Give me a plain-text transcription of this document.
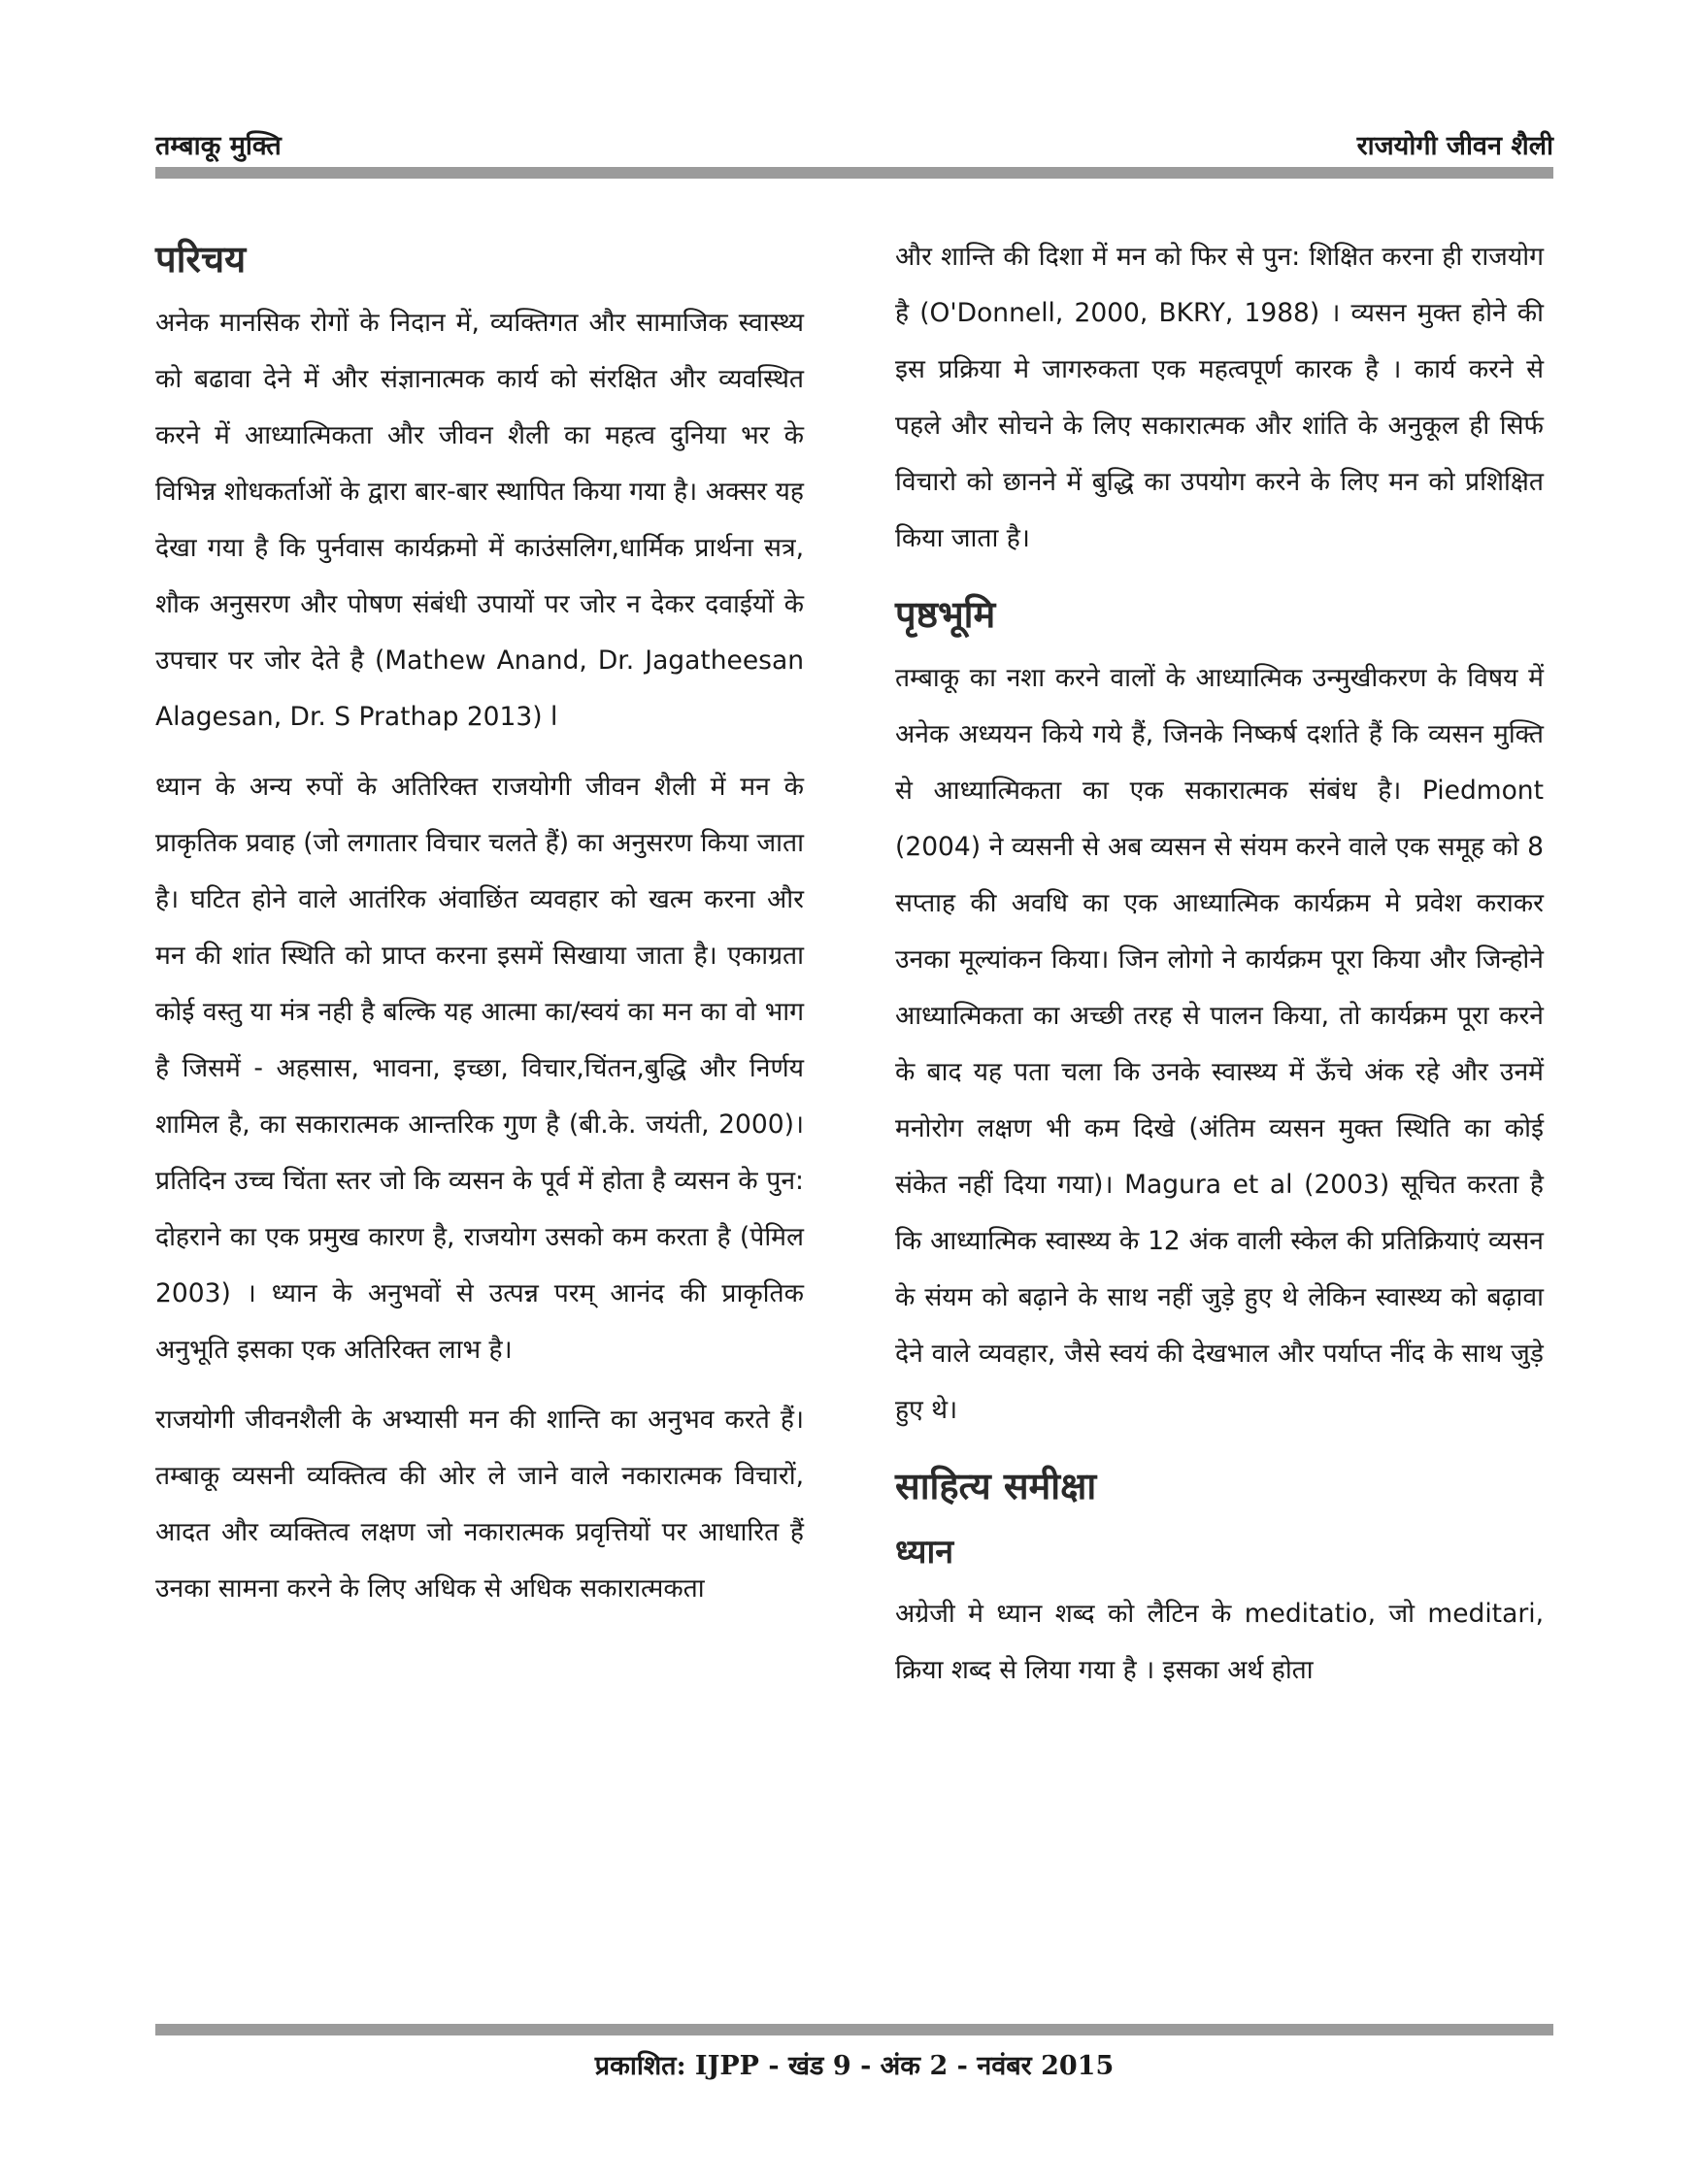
तम्बाकू मुक्ति	राजयोगी जीवन शैली
परिचय

अनेक मानसिक रोगों के निदान में, व्यक्तिगत और सामाजिक स्वास्थ्य को बढावा देने में और संज्ञानात्मक कार्य को संरक्षित और व्यवस्थित करने में आध्यात्मिकता और जीवन शैली का महत्व दुनिया भर के विभिन्न शोधकर्ताओं के द्वारा बार-बार स्थापित किया गया है। अक्सर यह देखा गया है कि पुर्नवास कार्यक्रमो में काउंसलिग,धार्मिक प्रार्थना सत्र, शौक अनुसरण और पोषण संबंधी उपायों पर जोर न देकर दवाईयों के उपचार पर जोर देते है (Mathew Anand, Dr. Jagatheesan Alagesan, Dr. S Prathap 2013) l

ध्यान के अन्य रुपों के अतिरिक्त राजयोगी जीवन शैली में मन के प्राकृतिक प्रवाह (जो लगातार विचार चलते हैं) का अनुसरण किया जाता है। घटित होने वाले आतंरिक अंवाछिंत व्यवहार को खत्म करना और मन की शांत स्थिति को प्राप्त करना इसमें सिखाया जाता है। एकाग्रता कोई वस्तु या मंत्र नही है बल्कि यह आत्मा का/स्वयं का मन का वो भाग है जिसमें - अहसास, भावना, इच्छा, विचार,चिंतन,बुद्धि और निर्णय शामिल है, का सकारात्मक आन्तरिक गुण है (बी.के. जयंती, 2000)। प्रतिदिन उच्च चिंता स्तर जो कि व्यसन के पूर्व में होता है व्यसन के पुन: दोहराने का एक प्रमुख कारण है, राजयोग उसको कम करता है (पेमिल 2003) । ध्यान के अनुभवों से उत्पन्न परम् आनंद की प्राकृतिक अनुभूति इसका एक अतिरिक्त लाभ है।

राजयोगी जीवनशैली के अभ्यासी मन की शान्ति का अनुभव करते हैं। तम्बाकू व्यसनी व्यक्तित्व की ओर ले जाने वाले नकारात्मक विचारों, आदत और व्यक्तित्व लक्षण जो नकारात्मक प्रवृत्तियों पर आधारित हैं उनका सामना करने के लिए अधिक से अधिक सकारात्मकता

और शान्ति की दिशा में मन को फिर से पुन: शिक्षित करना ही राजयोग है (O'Donnell, 2000, BKRY, 1988) । व्यसन मुक्त होने की इस प्रक्रिया मे जागरुकता एक महत्वपूर्ण कारक है । कार्य करने से पहले और सोचने के लिए सकारात्मक और शांति के अनुकूल ही सिर्फ विचारो को छानने में बुद्धि का उपयोग करने के लिए मन को प्रशिक्षित किया जाता है।

पृष्ठभूमि

तम्बाकू का नशा करने वालों के आध्यात्मिक उन्मुखीकरण के विषय में अनेक अध्ययन किये गये हैं, जिनके निष्कर्ष दर्शाते हैं कि व्यसन मुक्ति से आध्यात्मिकता का एक सकारात्मक संबंध है। Piedmont (2004) ने व्यसनी से अब व्यसन से संयम करने वाले एक समूह को 8 सप्ताह की अवधि का एक आध्यात्मिक कार्यक्रम मे प्रवेश कराकर उनका मूल्यांकन किया। जिन लोगो ने कार्यक्रम पूरा किया और जिन्होने आध्यात्मिकता का अच्छी तरह से पालन किया, तो कार्यक्रम पूरा करने के बाद यह पता चला कि उनके स्वास्थ्य में ऊँचे अंक रहे और उनमें मनोरोग लक्षण भी कम दिखे (अंतिम व्यसन मुक्त स्थिति का कोई संकेत नहीं दिया गया)। Magura et al (2003) सूचित करता है कि आध्यात्मिक स्वास्थ्य के 12 अंक वाली स्केल की प्रतिक्रियाएं व्यसन के संयम को बढ़ाने के साथ नहीं जुड़े हुए थे लेकिन स्वास्थ्य को बढ़ावा देने वाले व्यवहार, जैसे स्वयं की देखभाल और पर्याप्त नींद के साथ जुड़े हुए थे।

साहित्य समीक्षा
ध्यान

अग्रेजी मे ध्यान शब्द को लैटिन के meditatio, जो meditari, क्रिया शब्द से लिया गया है । इसका अर्थ होता

प्रकाशित: IJPP - खंड 9 - अंक 2 - नवंबर 2015
